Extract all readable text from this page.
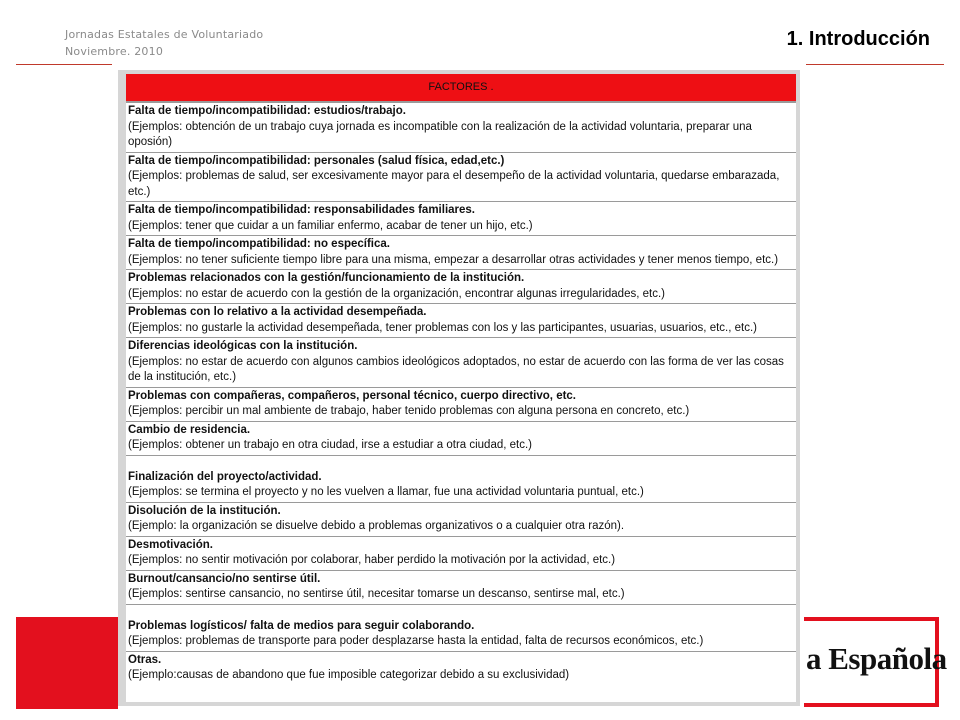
Jornadas Estatales de Voluntariado
Noviembre. 2010
1. Introducción
a Española
FACTORES .
Falta de tiempo/incompatibilidad: estudios/trabajo.
(Ejemplos: obtención de un trabajo cuya jornada es incompatible con la realización de la actividad voluntaria, preparar una oposión)
Falta de tiempo/incompatibilidad: personales (salud física, edad,etc.)
(Ejemplos: problemas de salud, ser excesivamente mayor para el desempeño de la actividad voluntaria, quedarse embarazada, etc.)
Falta de tiempo/incompatibilidad: responsabilidades familiares.
(Ejemplos: tener que cuidar a un familiar enfermo, acabar de tener un hijo, etc.)
Falta de tiempo/incompatibilidad: no específica.
(Ejemplos: no tener suficiente tiempo libre para una misma, empezar a desarrollar otras actividades y tener menos tiempo, etc.)
Problemas relacionados con la gestión/funcionamiento de la institución.
(Ejemplos: no estar de acuerdo con la gestión de la organización, encontrar algunas irregularidades, etc.)
Problemas con lo relativo a la actividad desempeñada.
(Ejemplos: no gustarle la actividad desempeñada, tener problemas con los y las participantes, usuarias, usuarios, etc., etc.)
Diferencias ideológicas con la institución.
(Ejemplos: no estar de acuerdo con algunos cambios ideológicos adoptados, no estar de acuerdo con las forma de ver las cosas de la institución, etc.)
Problemas con compañeras, compañeros, personal técnico, cuerpo directivo, etc.
(Ejemplos: percibir un mal ambiente de trabajo, haber tenido problemas con alguna persona en concreto, etc.)
Cambio de residencia.
(Ejemplos: obtener un trabajo en otra ciudad, irse a estudiar a otra ciudad, etc.)
Finalización del proyecto/actividad.
(Ejemplos: se termina el proyecto y no les vuelven a llamar, fue una actividad voluntaria puntual, etc.)
Disolución de la institución.
(Ejemplo: la organización se disuelve debido a problemas organizativos o a cualquier otra razón).
Desmotivación.
(Ejemplos: no sentir motivación por colaborar, haber perdido la motivación por la actividad, etc.)
Burnout/cansancio/no sentirse útil.
(Ejemplos: sentirse cansancio, no sentirse útil, necesitar tomarse un descanso, sentirse mal, etc.)
Problemas logísticos/ falta de medios para seguir colaborando.
(Ejemplos: problemas de transporte para poder desplazarse hasta la entidad, falta de recursos económicos, etc.)
Otras.
(Ejemplo:causas de abandono que fue imposible categorizar debido a su exclusividad)
